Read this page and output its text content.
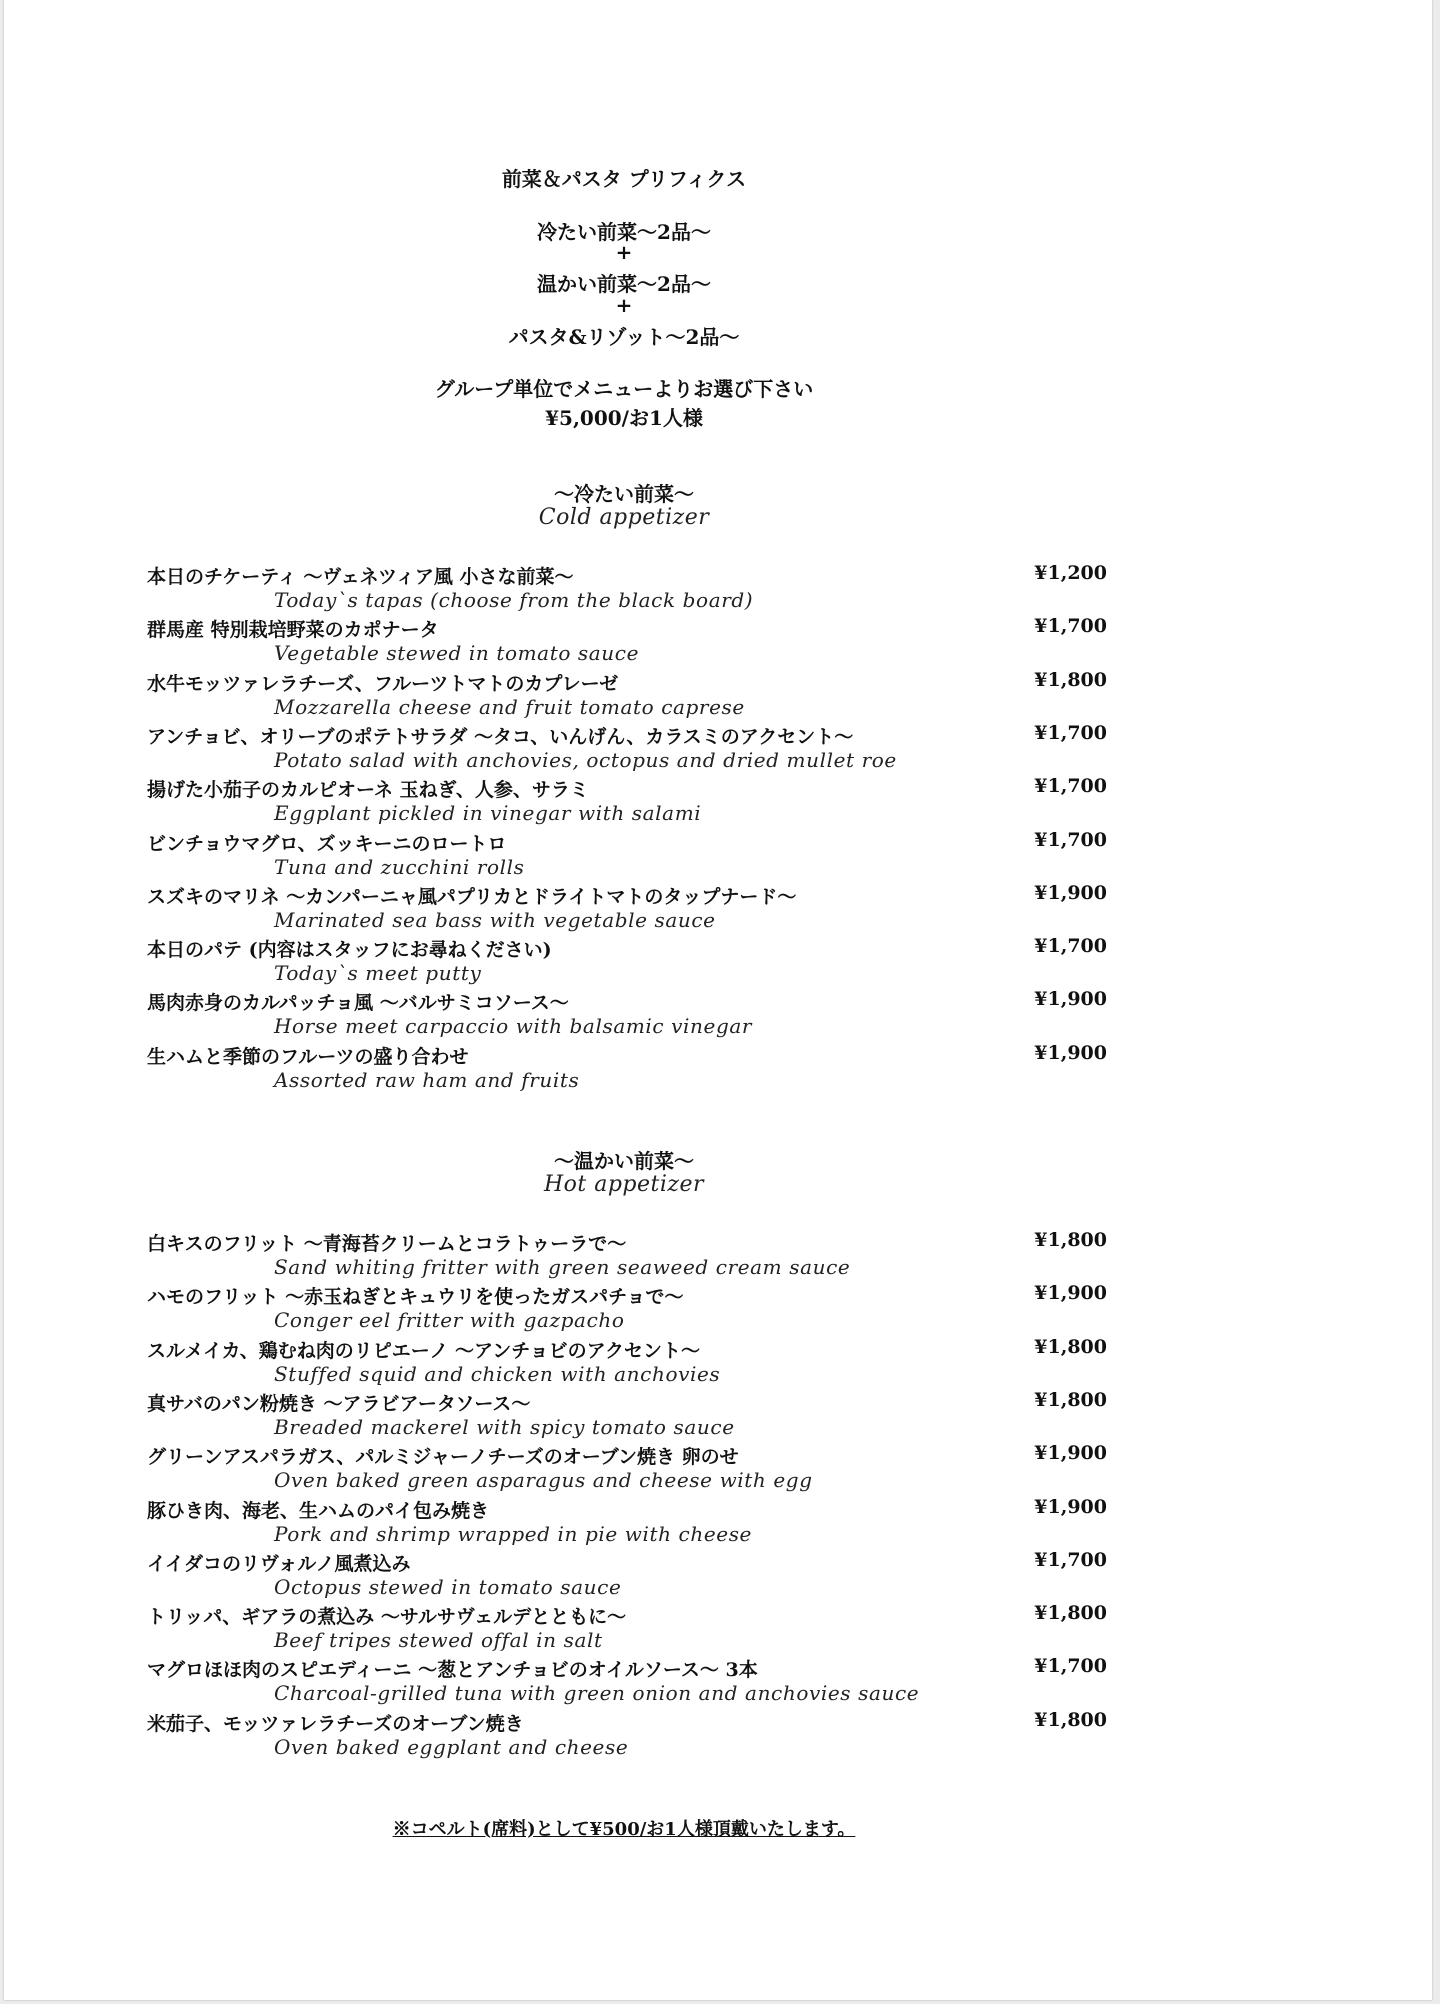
前菜＆パスタ プリフィクス
冷たい前菜～2品～
+
温かい前菜～2品～
+
パスタ&リゾット～2品～
グループ単位でメニューよりお選び下さい
¥5,000/お1人様
～冷たい前菜～
Cold appetizer
本日のチケーティ ～ヴェネツィア風 小さな前菜～	¥1,200
Today`s tapas (choose from the black board)
群馬産 特別栽培野菜のカポナータ	¥1,700
Vegetable stewed in tomato sauce
水牛モッツァレラチーズ、フルーツトマトのカプレーゼ	¥1,800
Mozzarella cheese and fruit tomato caprese
アンチョビ、オリーブのポテトサラダ ～タコ、いんげん、カラスミのアクセント～	¥1,700
Potato salad with anchovies, octopus and dried mullet roe
揚げた小茄子のカルピオーネ 玉ねぎ、人参、サラミ	¥1,700
Eggplant pickled in vinegar with salami
ビンチョウマグロ、ズッキーニのロートロ	¥1,700
Tuna and zucchini rolls
スズキのマリネ ～カンパーニャ風パプリカとドライトマトのタップナード～	¥1,900
Marinated sea bass with vegetable sauce
本日のパテ (内容はスタッフにお尋ねください)	¥1,700
Today`s meet putty
馬肉赤身のカルパッチョ風 ～バルサミコソース～	¥1,900
Horse meet carpaccio with balsamic vinegar
生ハムと季節のフルーツの盛り合わせ	¥1,900
Assorted raw ham and fruits
～温かい前菜～
Hot appetizer
白キスのフリット ～青海苔クリームとコラトゥーラで～	¥1,800
Sand whiting fritter with green seaweed cream sauce
ハモのフリット ～赤玉ねぎとキュウリを使ったガスパチョで～	¥1,900
Conger eel fritter with gazpacho
スルメイカ、鶏むね肉のリピエーノ ～アンチョビのアクセント～	¥1,800
Stuffed squid and chicken with anchovies
真サバのパン粉焼き ～アラビアータソース～	¥1,800
Breaded mackerel with spicy tomato sauce
グリーンアスパラガス、パルミジャーノチーズのオーブン焼き 卵のせ	¥1,900
Oven baked green asparagus and cheese with egg
豚ひき肉、海老、生ハムのパイ包み焼き	¥1,900
Pork and shrimp wrapped in pie with cheese
イイダコのリヴォルノ風煮込み	¥1,700
Octopus stewed in tomato sauce
トリッパ、ギアラの煮込み ～サルサヴェルデとともに～	¥1,800
Beef tripes stewed offal in salt
マグロほほ肉のスピエディーニ ～葱とアンチョビのオイルソース～ 3本	¥1,700
Charcoal-grilled tuna with green onion and anchovies sauce
米茄子、モッツァレラチーズのオーブン焼き	¥1,800
Oven baked eggplant and cheese
※コペルト(席料)として¥500/お1人様頂戴いたします。
